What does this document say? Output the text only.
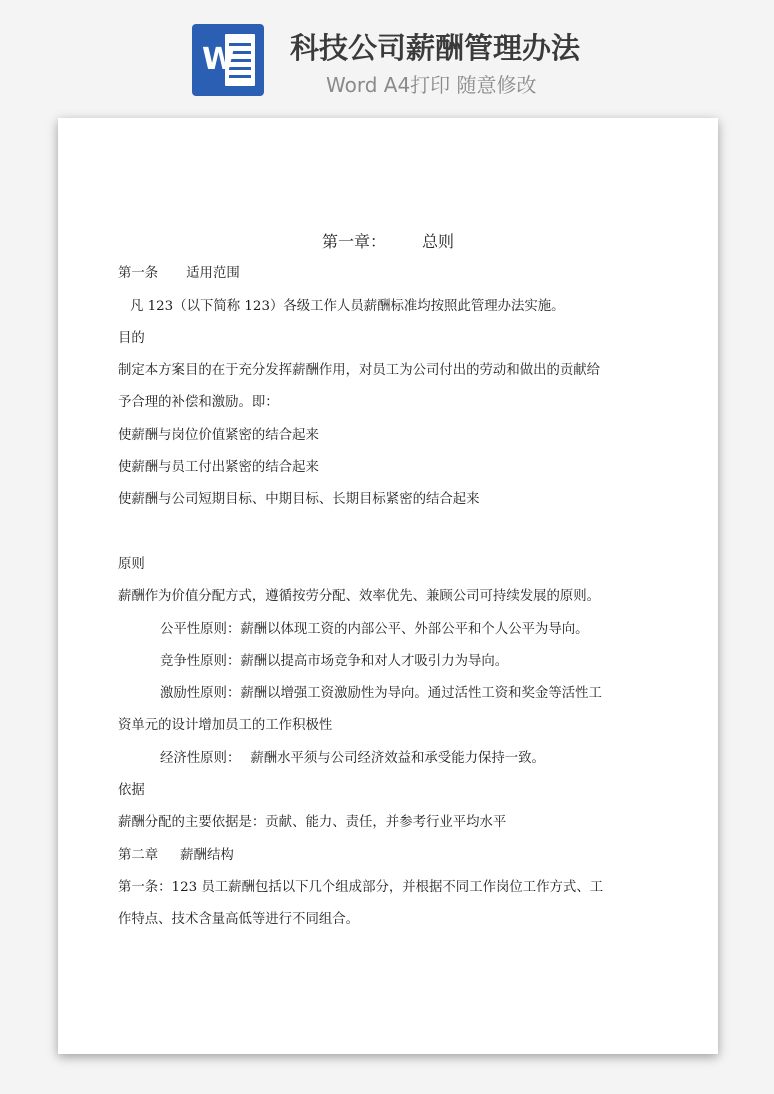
W 科技公司薪酬管理办法
Word A4打印 随意修改
第一章： 总则
第一条 适用范围
凡 123（以下简称 123）各级工作人员薪酬标准均按照此管理办法实施。
目的
制定本方案目的在于充分发挥薪酬作用，对员工为公司付出的劳动和做出的贡献给
予合理的补偿和激励。即：
使薪酬与岗位价值紧密的结合起来
使薪酬与员工付出紧密的结合起来
使薪酬与公司短期目标、中期目标、长期目标紧密的结合起来
原则
薪酬作为价值分配方式，遵循按劳分配、效率优先、兼顾公司可持续发展的原则。
公平性原则：薪酬以体现工资的内部公平、外部公平和个人公平为导向。
竞争性原则：薪酬以提高市场竞争和对人才吸引力为导向。
激励性原则：薪酬以增强工资激励性为导向。通过活性工资和奖金等活性工
资单元的设计增加员工的工作积极性
经济性原则： 薪酬水平须与公司经济效益和承受能力保持一致。
依据
薪酬分配的主要依据是：贡献、能力、责任，并参考行业平均水平
第二章 薪酬结构
第一条：123 员工薪酬包括以下几个组成部分，并根据不同工作岗位工作方式、工
作特点、技术含量高低等进行不同组合。
